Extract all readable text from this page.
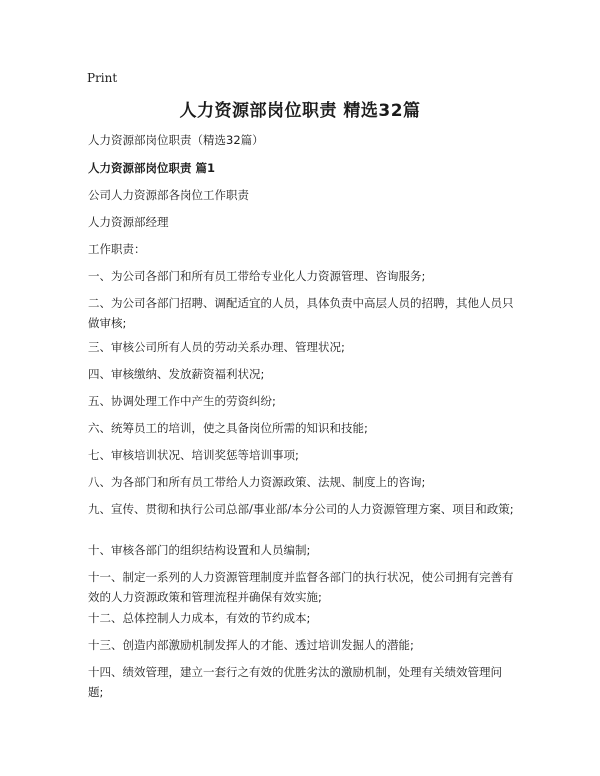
Print
人力资源部岗位职责 精选32篇
人力资源部岗位职责（精选32篇）
人力资源部岗位职责 篇1
公司人力资源部各岗位工作职责
人力资源部经理
工作职责：
一、为公司各部门和所有员工带给专业化人力资源管理、咨询服务;
二、为公司各部门招聘、调配适宜的人员，具体负责中高层人员的招聘，其他人员只做审核;
三、审核公司所有人员的劳动关系办理、管理状况;
四、审核缴纳、发放薪资福利状况;
五、协调处理工作中产生的劳资纠纷;
六、统筹员工的培训，使之具备岗位所需的知识和技能;
七、审核培训状况、培训奖惩等培训事项;
八、为各部门和所有员工带给人力资源政策、法规、制度上的咨询;
九、宣传、贯彻和执行公司总部/事业部/本分公司的人力资源管理方案、项目和政策;
十、审核各部门的组织结构设置和人员编制;
十一、制定一系列的人力资源管理制度并监督各部门的执行状况，使公司拥有完善有效的人力资源政策和管理流程并确保有效实施;
十二、总体控制人力成本，有效的节约成本;
十三、创造内部激励机制发挥人的才能、透过培训发掘人的潜能;
十四、绩效管理，建立一套行之有效的优胜劣汰的激励机制，处理有关绩效管理问题;
